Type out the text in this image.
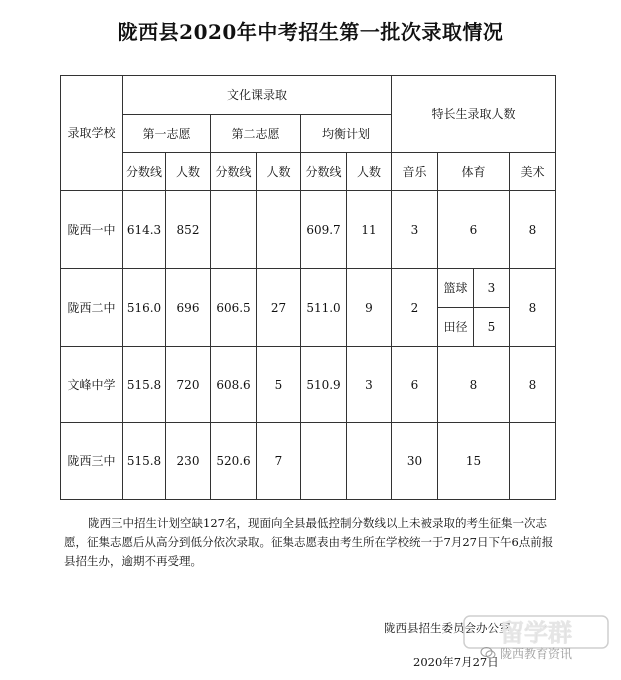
陇西县2020年中考招生第一批次录取情况
录取学校	文化课录取						特长生录取人数			
	第一志愿		第二志愿		均衡计划					
	分数线	人数	分数线	人数	分数线	人数	音乐	体育		美术
陇西一中	614.3	852			609.7	11	3	6		8
陇西二中	516.0	696	606.5	27	511.0	9	2	篮球	3	8
								田径	5	
文峰中学	515.8	720	608.6	5	510.9	3	6	8		8
陇西三中	515.8	230	520.6	7			30	15		

陇西三中招生计划空缺127名，现面向全县最低控制分数线以上未被录取的考生征集一次志愿，征集志愿后从高分到低分依次录取。征集志愿表由考生所在学校统一于7月27日下午6点前报县招生办，逾期不再受理。

陇西县招生委员会办公室
2020年7月27日
留学群
陇西教育资讯
